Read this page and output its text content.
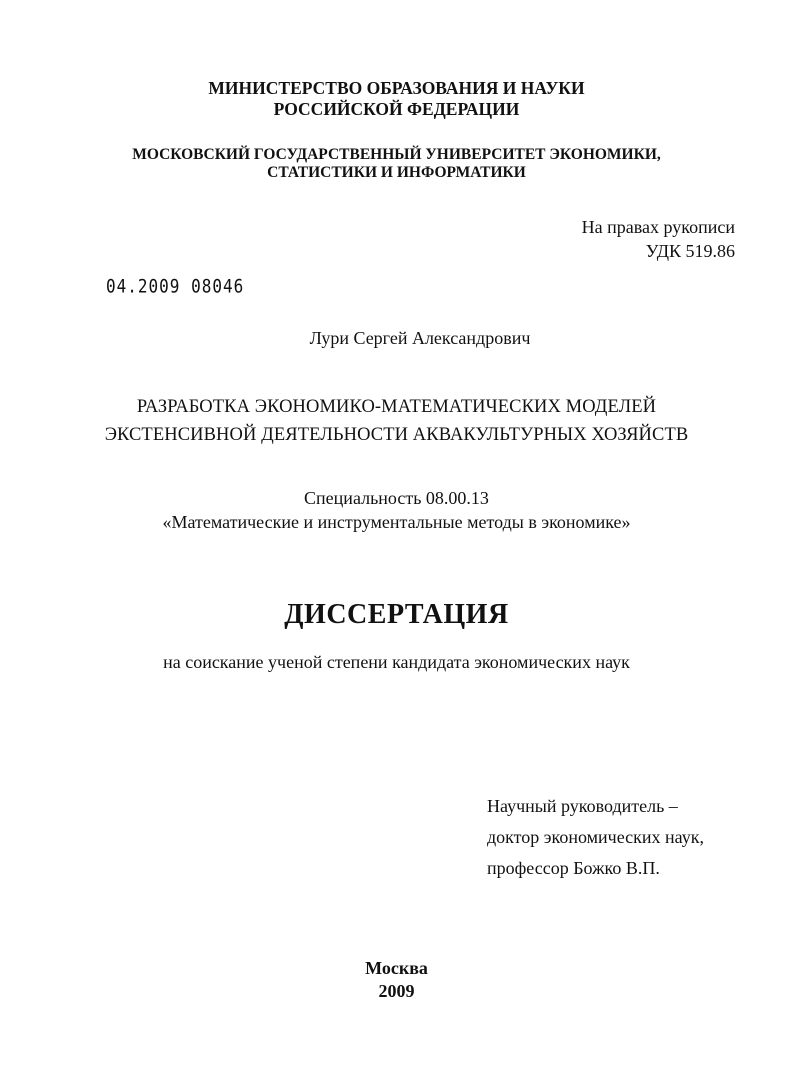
МИНИСТЕРСТВО ОБРАЗОВАНИЯ И НАУКИ
РОССИЙСКОЙ ФЕДЕРАЦИИ
МОСКОВСКИЙ ГОСУДАРСТВЕННЫЙ УНИВЕРСИТЕТ ЭКОНОМИКИ,
СТАТИСТИКИ И ИНФОРМАТИКИ
На правах рукописи
УДК 519.86
04.2009 08046
Лури Сергей Александрович
РАЗРАБОТКА ЭКОНОМИКО-МАТЕМАТИЧЕСКИХ МОДЕЛЕЙ
ЭКСТЕНСИВНОЙ ДЕЯТЕЛЬНОСТИ АКВАКУЛЬТУРНЫХ ХОЗЯЙСТВ
Специальность 08.00.13
«Математические и инструментальные методы в экономике»
ДИССЕРТАЦИЯ
на соискание ученой степени кандидата экономических наук
Научный руководитель –
доктор экономических наук,
профессор Божко В.П.
Москва
2009
